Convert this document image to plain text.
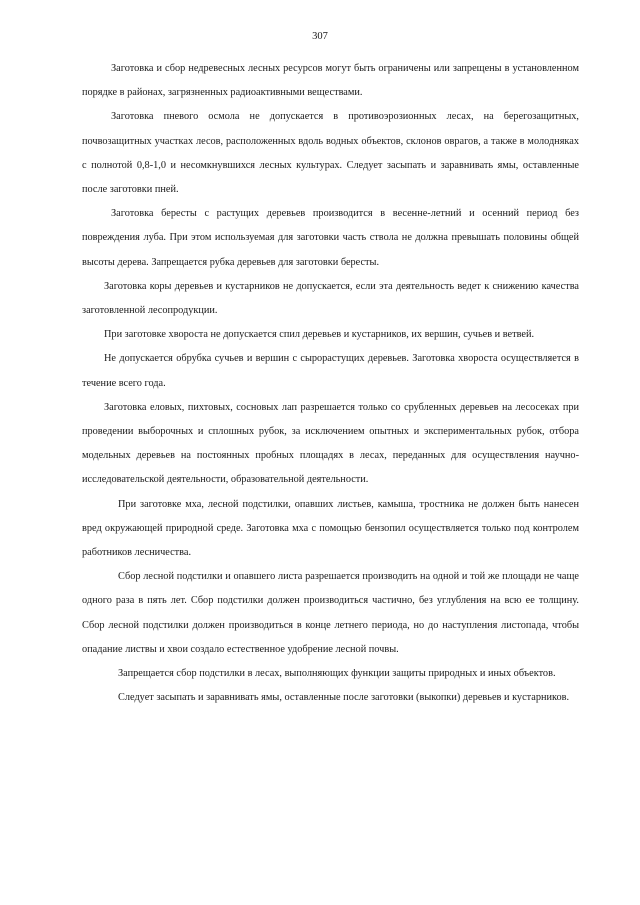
307

Заготовка и сбор недревесных лесных ресурсов могут быть ограничены или запрещены в установленном порядке в районах, загрязненных радиоактивными веществами.

Заготовка пневого осмола не допускается в противоэрозионных лесах, на берегозащитных, почвозащитных участках лесов, расположенных вдоль водных объектов, склонов оврагов, а также в молодняках с полнотой 0,8-1,0 и несомкнувшихся лесных культурах. Следует засыпать и заравнивать ямы, оставленные после заготовки пней.

Заготовка бересты с растущих деревьев производится в весенне-летний и осенний период без повреждения луба. При этом используемая для заготовки часть ствола не должна превышать половины общей высоты дерева. Запрещается рубка деревьев для заготовки бересты.

Заготовка коры деревьев и кустарников не допускается, если эта деятельность ведет к снижению качества заготовленной лесопродукции.

При заготовке хвороста не допускается спил деревьев и кустарников, их вершин, сучьев и ветвей.

Не допускается обрубка сучьев и вершин с сырорастущих деревьев. Заготовка хвороста осуществляется в течение всего года.

Заготовка еловых, пихтовых, сосновых лап разрешается только со срубленных деревьев на лесосеках при проведении выборочных и сплошных рубок, за исключением опытных и экспериментальных рубок, отбора модельных деревьев на постоянных пробных площадях в лесах, переданных для осуществления научно-исследовательской деятельности, образовательной деятельности.

При заготовке мха, лесной подстилки, опавших листьев, камыша, тростника не должен быть нанесен вред окружающей природной среде. Заготовка мха с помощью бензопил осуществляется только под контролем работников лесничества.

Сбор лесной подстилки и опавшего листа разрешается производить на одной и той же площади не чаще одного раза в пять лет. Сбор подстилки должен производиться частично, без углубления на всю ее толщину. Сбор лесной подстилки должен производиться в конце летнего периода, но до наступления листопада, чтобы опадание листвы и хвои создало естественное удобрение лесной почвы.

Запрещается сбор подстилки в лесах, выполняющих функции защиты природных и иных объектов.

Следует засыпать и заравнивать ямы, оставленные после заготовки (выкопки) деревьев и кустарников.
